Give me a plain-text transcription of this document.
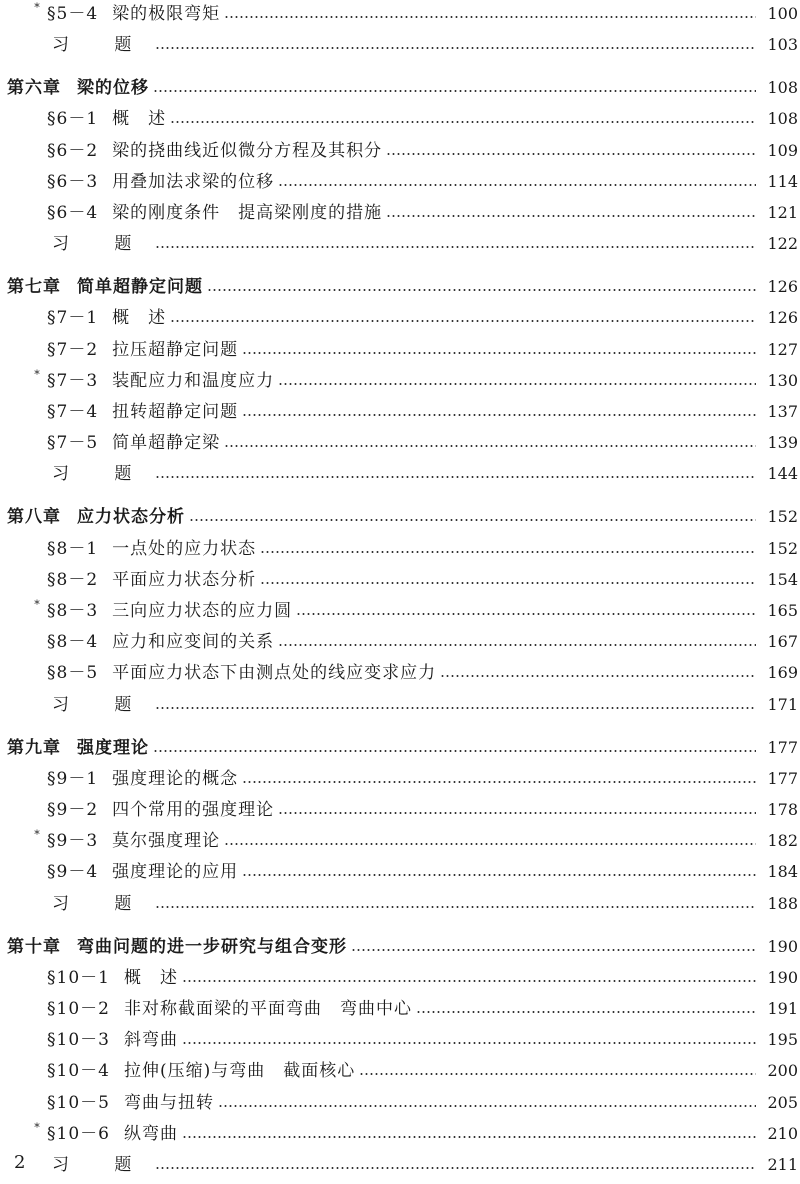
* §5－4 梁的极限弯矩	100
习 题	103
第六章 梁的位移	108
§6－1 概　述	108
§6－2 梁的挠曲线近似微分方程及其积分	109
§6－3 用叠加法求梁的位移	114
§6－4 梁的刚度条件　提高梁刚度的措施	121
习 题	122
第七章 简单超静定问题	126
§7－1 概　述	126
§7－2 拉压超静定问题	127
* §7－3 装配应力和温度应力	130
§7－4 扭转超静定问题	137
§7－5 简单超静定梁	139
习 题	144
第八章 应力状态分析	152
§8－1 一点处的应力状态	152
§8－2 平面应力状态分析	154
* §8－3 三向应力状态的应力圆	165
§8－4 应力和应变间的关系	167
§8－5 平面应力状态下由测点处的线应变求应力	169
习 题	171
第九章 强度理论	177
§9－1 强度理论的概念	177
§9－2 四个常用的强度理论	178
* §9－3 莫尔强度理论	182
§9－4 强度理论的应用	184
习 题	188
第十章 弯曲问题的进一步研究与组合变形	190
§10－1 概　述	190
§10－2 非对称截面梁的平面弯曲　弯曲中心	191
§10－3 斜弯曲	195
§10－4 拉伸(压缩)与弯曲　截面核心	200
§10－5 弯曲与扭转	205
* §10－6 纵弯曲	210
习 题	211
2
